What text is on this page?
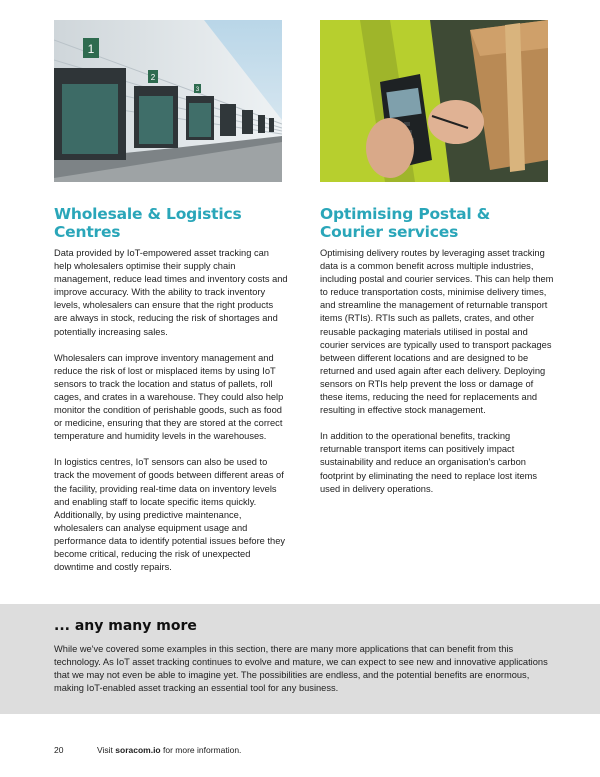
1
2
3
Wholesale & Logistics Centres
Optimising Postal & Courier services

Data provided by IoT-empowered asset tracking can help wholesalers optimise their supply chain management, reduce lead times and inventory costs and improve accuracy. With the ability to track inventory levels, wholesalers can ensure that the right products are always in stock, reducing the risk of shortages and potentially increasing sales.

Wholesalers can improve inventory management and reduce the risk of lost or misplaced items by using IoT sensors to track the location and status of pallets, roll cages, and crates in a warehouse. They could also help monitor the condition of perishable goods, such as food or medicine, ensuring that they are stored at the correct temperature and humidity levels in the warehouses.

In logistics centres, IoT sensors can also be used to track the movement of goods between different areas of the facility, providing real-time data on inventory levels and enabling staff to locate specific items quickly. Additionally, by using predictive maintenance, wholesalers can analyse equipment usage and performance data to identify potential issues before they become critical, reducing the risk of unexpected downtime and costly repairs.

Optimising delivery routes by leveraging asset tracking data is a common benefit across multiple industries, including postal and courier services. This can help them to reduce transportation costs, minimise delivery times, and streamline the management of returnable transport items (RTIs). RTIs such as pallets, crates, and other reusable packaging materials utilised in postal and courier services are typically used to transport packages between different locations and are designed to be returned and used again after each delivery. Deploying sensors on RTIs help prevent the loss or damage of these items, reducing the need for replacements and resulting in effective stock management.

In addition to the operational benefits, tracking returnable transport items can positively impact sustainability and reduce an organisation's carbon footprint by eliminating the need to replace lost items used in delivery operations.

... any many more

While we've covered some examples in this section, there are many more applications that can benefit from this technology. As IoT asset tracking continues to evolve and mature, we can expect to see new and innovative applications that we may not even be able to imagine yet. The possibilities are endless, and the potential benefits are enormous, making IoT-enabled asset tracking an essential tool for any business.

20	Visit soracom.io for more information.
